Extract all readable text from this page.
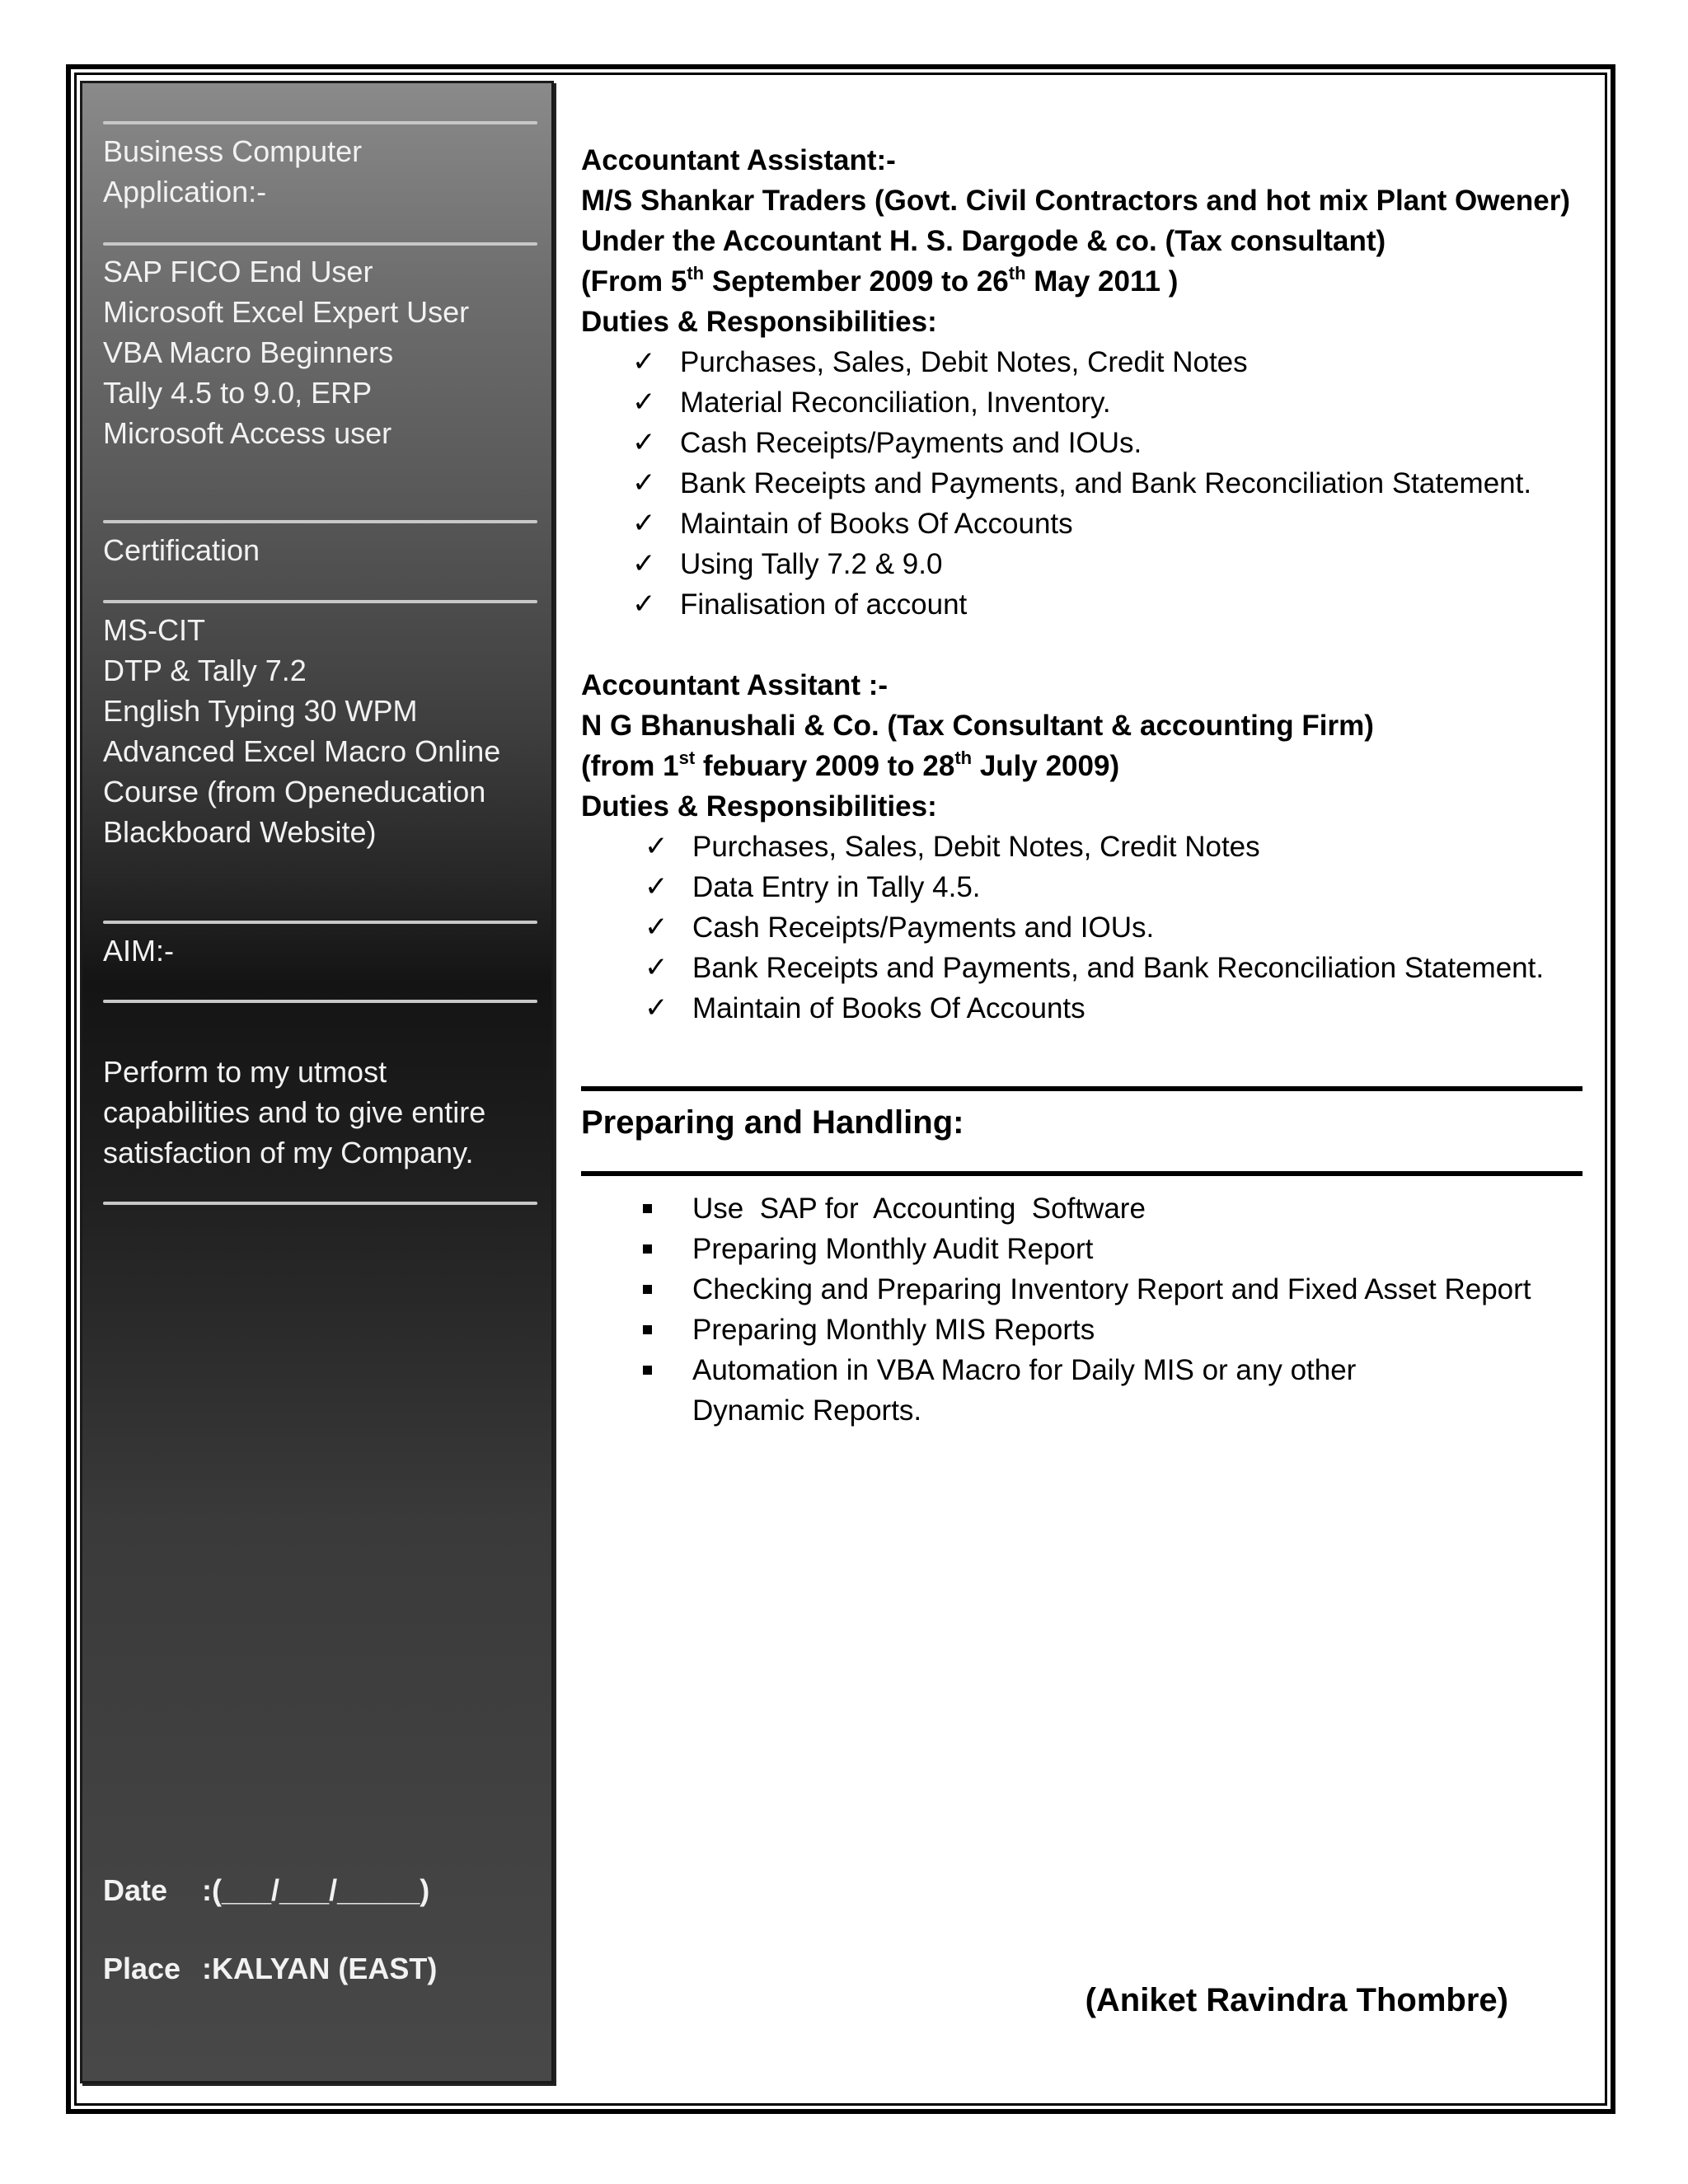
Business Computer
Application:-
SAP FICO End User
Microsoft Excel Expert User
VBA Macro Beginners
Tally 4.5 to 9.0, ERP
Microsoft Access user
Certification
MS-CIT
DTP & Tally 7.2
English Typing 30 WPM
Advanced Excel Macro Online
Course (from Openeducation
Blackboard Website)
AIM:-
Perform to my utmost
capabilities and to give entire
satisfaction of my Company.
Date :(___/___/_____)
Place :KALYAN (EAST)
Accountant Assistant:-
M/S Shankar Traders (Govt. Civil Contractors and hot mix Plant Owener)
Under the Accountant H. S. Dargode & co. (Tax consultant)
(From 5th September 2009 to 26th May 2011 )
Duties & Responsibilities:
✓ Purchases, Sales, Debit Notes, Credit Notes
✓ Material Reconciliation, Inventory.
✓ Cash Receipts/Payments and IOUs.
✓ Bank Receipts and Payments, and Bank Reconciliation Statement.
✓ Maintain of Books Of Accounts
✓ Using Tally 7.2 & 9.0
✓ Finalisation of account
Accountant Assitant :-
N G Bhanushali & Co. (Tax Consultant & accounting Firm)
(from 1st febuary 2009 to 28th July 2009)
Duties & Responsibilities:
✓ Purchases, Sales, Debit Notes, Credit Notes
✓ Data Entry in Tally 4.5.
✓ Cash Receipts/Payments and IOUs.
✓ Bank Receipts and Payments, and Bank Reconciliation Statement.
✓ Maintain of Books Of Accounts
Preparing and Handling:
Use  SAP for  Accounting  Software
Preparing Monthly Audit Report
Checking and Preparing Inventory Report and Fixed Asset Report
Preparing Monthly MIS Reports
Automation in VBA Macro for Daily MIS or any other Dynamic Reports.
(Aniket Ravindra Thombre)
